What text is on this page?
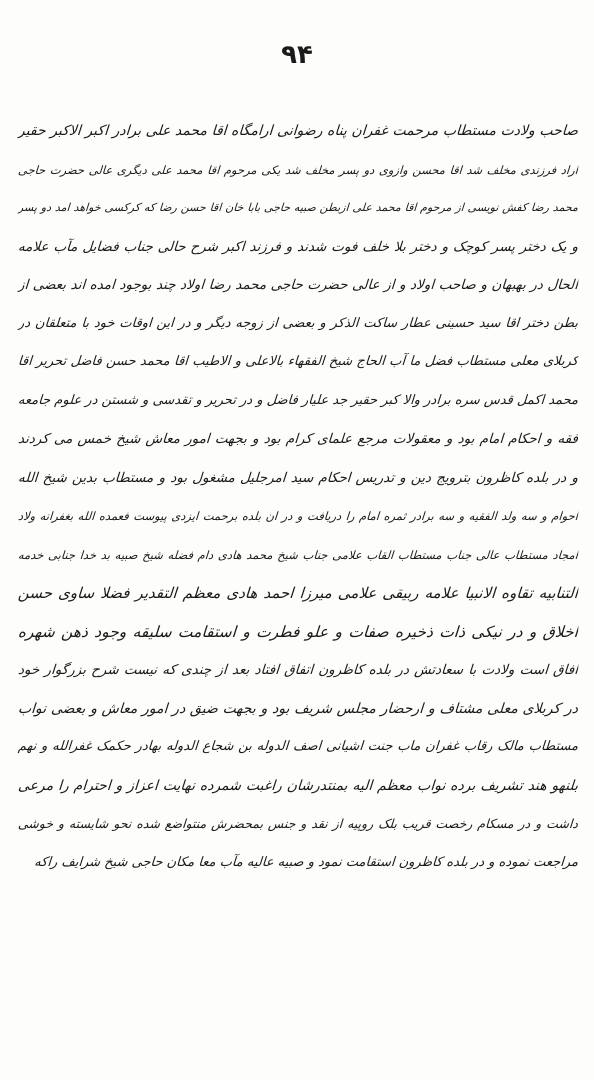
۹۴
صاحب ولادت مستطاب مرحمت غفران پناه رضوانی ارامگاه اقا محمد علی برادر اکبر الاکبر حقیر
اراد فرزندی مخلف شد اقا محسن وازوی دو پسر مخلف شد یکی مرحوم اقا محمد علی دیگری عالی حضرت حاجی
محمد رضا کفش نویسی از مرحوم اقا محمد علی ازبطن صبیه حاجی بابا خان اقا حسن رضا که کرکسی خواهد امد دو پسر
و یک دختر پسر کوچک و دختر بلا خلف فوت شدند و فرزند اکبر شرح حالی جناب فضایل مآب علامه
الحال در بهبهان و صاحب اولاد و از عالی حضرت حاجی محمد رضا اولاد چند بوجود امده اند بعضی از
بطن دختر اقا سید حسینی عطار ساکت الذکر و بعضی از زوجه دیگر و در این اوقات خود با متعلقان در
کربلای معلی مستطاب فضل ما آب الحاج شیخ الفقهاء بالاعلی و الاطیب اقا محمد حسن فاضل تحریر اقا
محمد اکمل قدس سره برادر والا کبر حقیر جد علیار فاضل و در تحریر و تقدسی و شستن در علوم جامعه
فقه و احکام امام بود و معقولات مرجع علمای کرام بود و بجهت امور معاش شیخ خمس می کردند
و در بلده کاظرون بترویج دین و تدریس احکام سید امرجلیل مشغول بود و مستطاب بدین شیخ الله
احوام و سه ولد الفقیه و سه برادر ثمره امام را دریافت و در ان بلده برحمت ایزدی پیوست فعمده الله بغفرانه ولاد
امجاد مستطاب عالی جناب مستطاب القاب علامی جناب شیخ محمد هادی دام فضله شیخ صبیه بد خدا جنابی خدمه
التنابیه تقاوه الانبیا علامه ربیقی علامی میرزا احمد هادی معظم التقدیر فضلا ساوی حسن
اخلاق و در نیکی ذات ذخیره صفات و علو فطرت و استقامت سلیقه وجود ذهن شهره
افاق است ولادت با سعادتش در بلده کاظرون اتفاق افتاد بعد از چندی که نیست شرح بزرگوار خود
در کربلای معلی مشتاف و ارحضار مجلس شریف بود و بجهت ضیق در امور معاش و بعضی نواب
مستطاب مالک رقاب غفران ماب جنت اشیانی اصف الدوله بن شجاع الدوله بهادر حکمک غفرالله و نهم
بلنهو هند تشریف برده نواب معظم الیه بمنتدرشان راغبت شمرده نهایت اعزاز و احترام را مرعی
داشت و در مسکام رخصت قریب بلک روپیه از نقد و جنس بمحضرش منتواضع شده نحو شایسته و خوشی
مراجعت نموده و در بلده کاظرون استقامت نمود و صبیه عالیه مآب معا مکان حاجی شیخ شرایف راکه
